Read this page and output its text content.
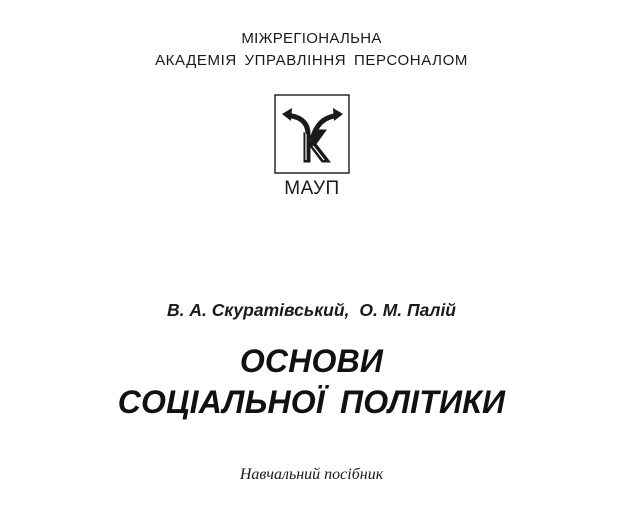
МІЖРЕГІОНАЛЬНА
АКАДЕМІЯ УПРАВЛІННЯ ПЕРСОНАЛОМ
МАУП
В. А. Скуратівський, О. М. Палій
ОСНОВИ
СОЦІАЛЬНОЇ ПОЛІТИКИ
Навчальний посібник
